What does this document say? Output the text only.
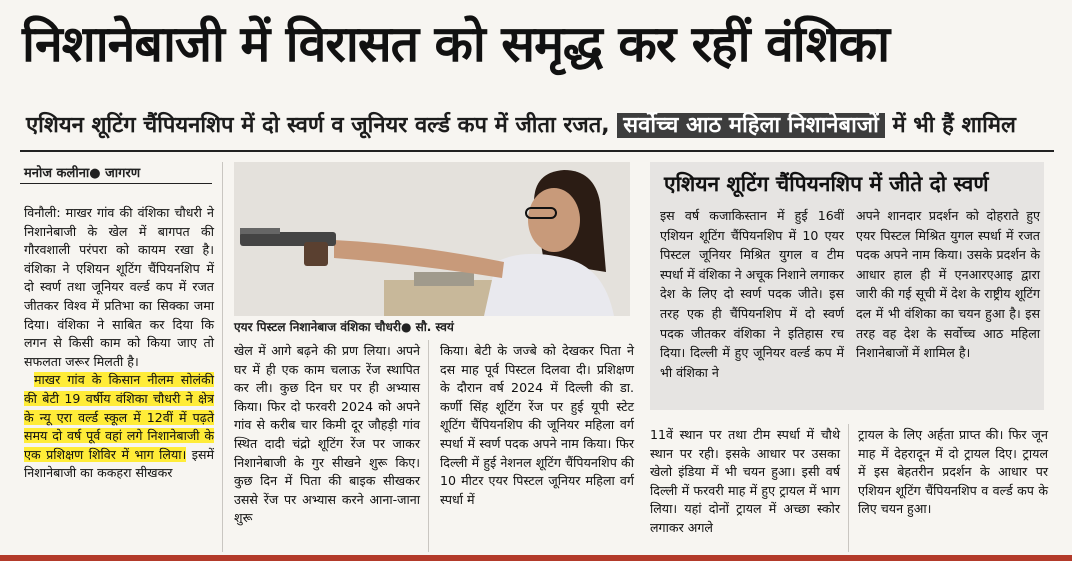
निशानेबाजी में विरासत को समृद्ध कर रहीं वंशिका
एशियन शूटिंग चैंपियनशिप में दो स्वर्ण व जूनियर वर्ल्ड कप में जीता रजत, सर्वोच्च आठ महिला निशानेबाजों में भी हैं शामिल
मनोज कलीना● जागरण

विनौली: माखर गांव की वंशिका चौधरी ने निशानेबाजी के खेल में बागपत की गौरवशाली परंपरा को कायम रखा है। वंशिका ने एशियन शूटिंग चैंपियनशिप में दो स्वर्ण तथा जूनियर वर्ल्ड कप में रजत जीतकर विश्व में प्रतिभा का सिक्का जमा दिया। वंशिका ने साबित कर दिया कि लगन से किसी काम को किया जाए तो सफलता जरूर मिलती है।

माखर गांव के किसान नीलम सोलंकी की बेटी 19 वर्षीय वंशिका चौधरी ने क्षेत्र के न्यू एरा वर्ल्ड स्कूल में 12वीं में पढ़ते समय दो वर्ष पूर्व वहां लगे निशानेबाजी के एक प्रशिक्षण शिविर में भाग लिया। इसमें निशानेबाजी का ककहरा सीखकर

एयर पिस्टल निशानेबाज वंशिका चौधरी● सौ. स्वयं

खेल में आगे बढ़ने की प्रण लिया। अपने घर में ही एक काम चलाऊ रेंज स्थापित कर ली। कुछ दिन घर पर ही अभ्यास किया। फिर दो फरवरी 2024 को अपने गांव से करीब चार किमी दूर जौहड़ी गांव स्थित दादी चंद्रो शूटिंग रेंज पर जाकर निशानेबाजी के गुर सीखने शुरू किए। कुछ दिन में पिता की बाइक सीखकर उससे रेंज पर अभ्यास करने आना-जाना शुरू

किया। बेटी के जज्बे को देखकर पिता ने दस माह पूर्व पिस्टल दिलवा दी। प्रशिक्षण के दौरान वर्ष 2024 में दिल्ली की डा. कर्णी सिंह शूटिंग रेंज पर हुई यूपी स्टेट शूटिंग चैंपियनशिप की जूनियर महिला वर्ग स्पर्धा में स्वर्ण पदक अपने नाम किया। फिर दिल्ली में हुई नेशनल शूटिंग चैंपियनशिप की 10 मीटर एयर पिस्टल जूनियर महिला वर्ग स्पर्धा में

एशियन शूटिंग चैंपियनशिप में जीते दो स्वर्ण
इस वर्ष कजाकिस्तान में हुई 16वीं एशियन शूटिंग चैंपियनशिप में 10 एयर पिस्टल जूनियर मिश्रित युगल व टीम स्पर्धा में वंशिका ने अचूक निशाने लगाकर देश के लिए दो स्वर्ण पदक जीते। इस तरह एक ही चैंपियनशिप में दो स्वर्ण पदक जीतकर वंशिका ने इतिहास रच दिया। दिल्ली में हुए जूनियर वर्ल्ड कप में भी वंशिका ने
अपने शानदार प्रदर्शन को दोहराते हुए एयर पिस्टल मिश्रित युगल स्पर्धा में रजत पदक अपने नाम किया। उसके प्रदर्शन के आधार हाल ही में एनआरएआइ द्वारा जारी की गई सूची में देश के राष्ट्रीय शूटिंग दल में भी वंशिका का चयन हुआ है। इस तरह वह देश के सर्वोच्च आठ महिला निशानेबाजों में शामिल है।

11वें स्थान पर तथा टीम स्पर्धा में चौथे स्थान पर रही। इसके आधार पर उसका खेलो इंडिया में भी चयन हुआ। इसी वर्ष दिल्ली में फरवरी माह में हुए ट्रायल में भाग लिया। यहां दोनों ट्रायल में अच्छा स्कोर लगाकर अगले

ट्रायल के लिए अर्हता प्राप्त की। फिर जून माह में देहरादून में दो ट्रायल दिए। ट्रायल में इस बेहतरीन प्रदर्शन के आधार पर एशियन शूटिंग चैंपियनशिप व वर्ल्ड कप के लिए चयन हुआ।
